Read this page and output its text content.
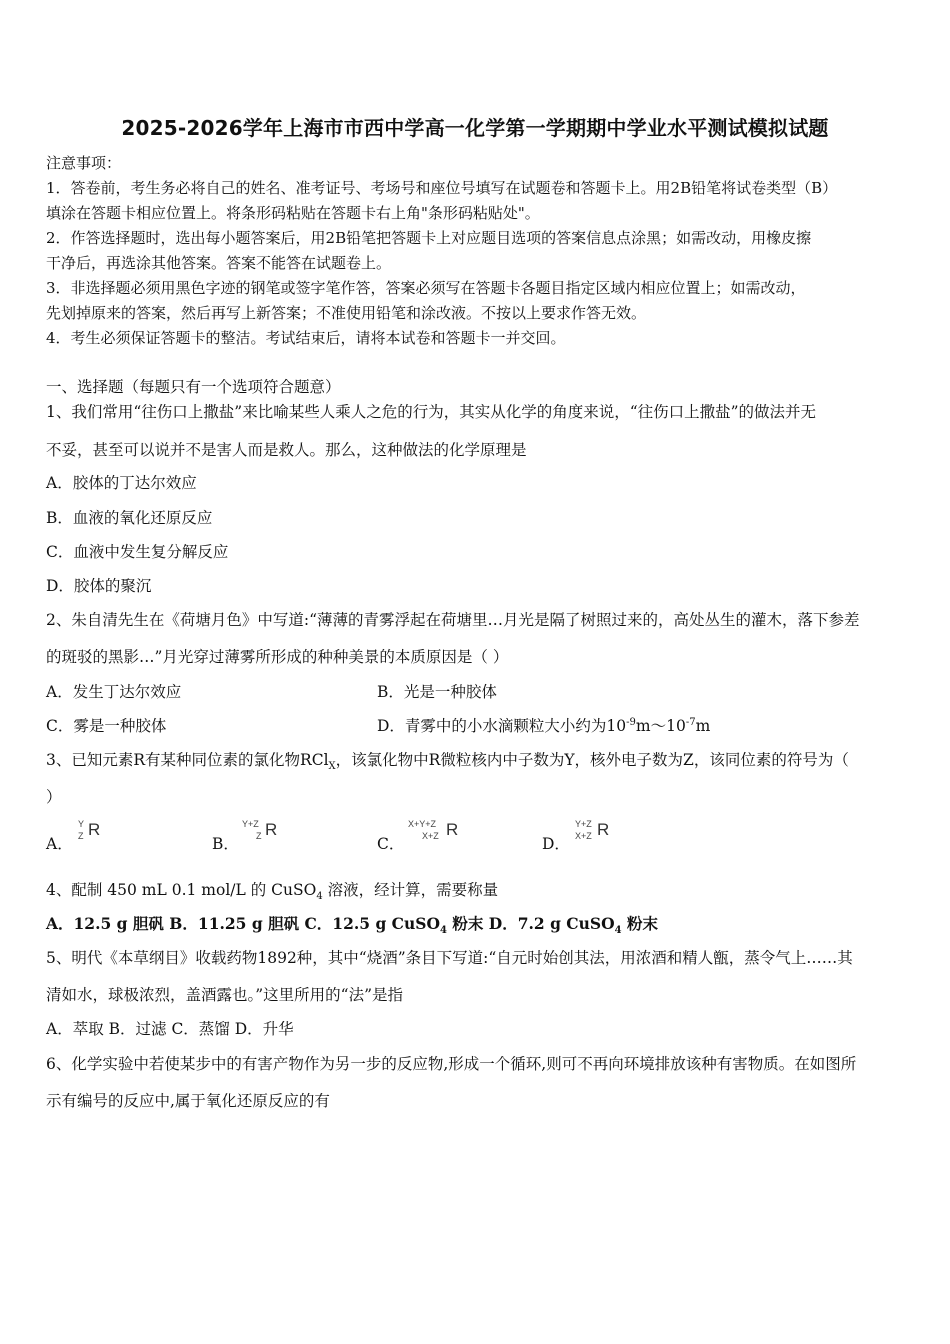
2025-2026学年上海市市西中学高一化学第一学期期中学业水平测试模拟试题
注意事项：
1．答卷前，考生务必将自己的姓名、准考证号、考场号和座位号填写在试题卷和答题卡上。用2B铅笔将试卷类型（B）
填涂在答题卡相应位置上。将条形码粘贴在答题卡右上角"条形码粘贴处"。
2．作答选择题时，选出每小题答案后，用2B铅笔把答题卡上对应题目选项的答案信息点涂黑；如需改动，用橡皮擦
干净后，再选涂其他答案。答案不能答在试题卷上。
3．非选择题必须用黑色字迹的钢笔或签字笔作答，答案必须写在答题卡各题目指定区域内相应位置上；如需改动，
先划掉原来的答案，然后再写上新答案；不准使用铅笔和涂改液。不按以上要求作答无效。
4．考生必须保证答题卡的整洁。考试结束后，请将本试卷和答题卡一并交回。
一、选择题（每题只有一个选项符合题意）
1、我们常用“往伤口上撒盐”来比喻某些人乘人之危的行为，其实从化学的角度来说，“往伤口上撒盐”的做法并无
不妥，甚至可以说并不是害人而是救人。那么，这种做法的化学原理是
A．胶体的丁达尔效应
B．血液的氧化还原反应
C．血液中发生复分解反应
D．胶体的聚沉
2、朱自清先生在《荷塘月色》中写道:“薄薄的青雾浮起在荷塘里…月光是隔了树照过来的，高处丛生的灌木，落下参差
的斑驳的黑影…”月光穿过薄雾所形成的种种美景的本质原因是（ ）
A．发生丁达尔效应	B．光是一种胶体
C．雾是一种胶体	D．青雾中的小水滴颗粒大小约为$10^{-9}m\sim 10^{-7}m$
3、已知元素R有某种同位素的氯化物RCl$_X$，该氯化物中R微粒核内中子数为Y，核外电子数为Z，该同位素的符号为（
）
A．
Y
Z R
B．
Y+Z
Z R
C．
X+Y+Z
X+Z R
D．
Y+Z
X+Z R
4、配制 450 mL 0.1 mol/L 的 CuSO$_4$ 溶液，经计算，需要称量
A．12.5 g 胆矾 B．11.25 g 胆矾 C．12.5 g CuSO$_4$ 粉末 D．7.2 g CuSO$_4$ 粉末
5、明代《本草纲目》收载药物1892种，其中“烧酒”条目下写道:“自元时始创其法，用浓酒和精人甑，蒸令气上……其
清如水，球极浓烈，盖酒露也。”这里所用的“法”是指
A．萃取 B．过滤 C．蒸馏 D．升华
6、化学实验中若使某步中的有害产物作为另一步的反应物,形成一个循环,则可不再向环境排放该种有害物质。在如图所
示有编号的反应中,属于氧化还原反应的有
